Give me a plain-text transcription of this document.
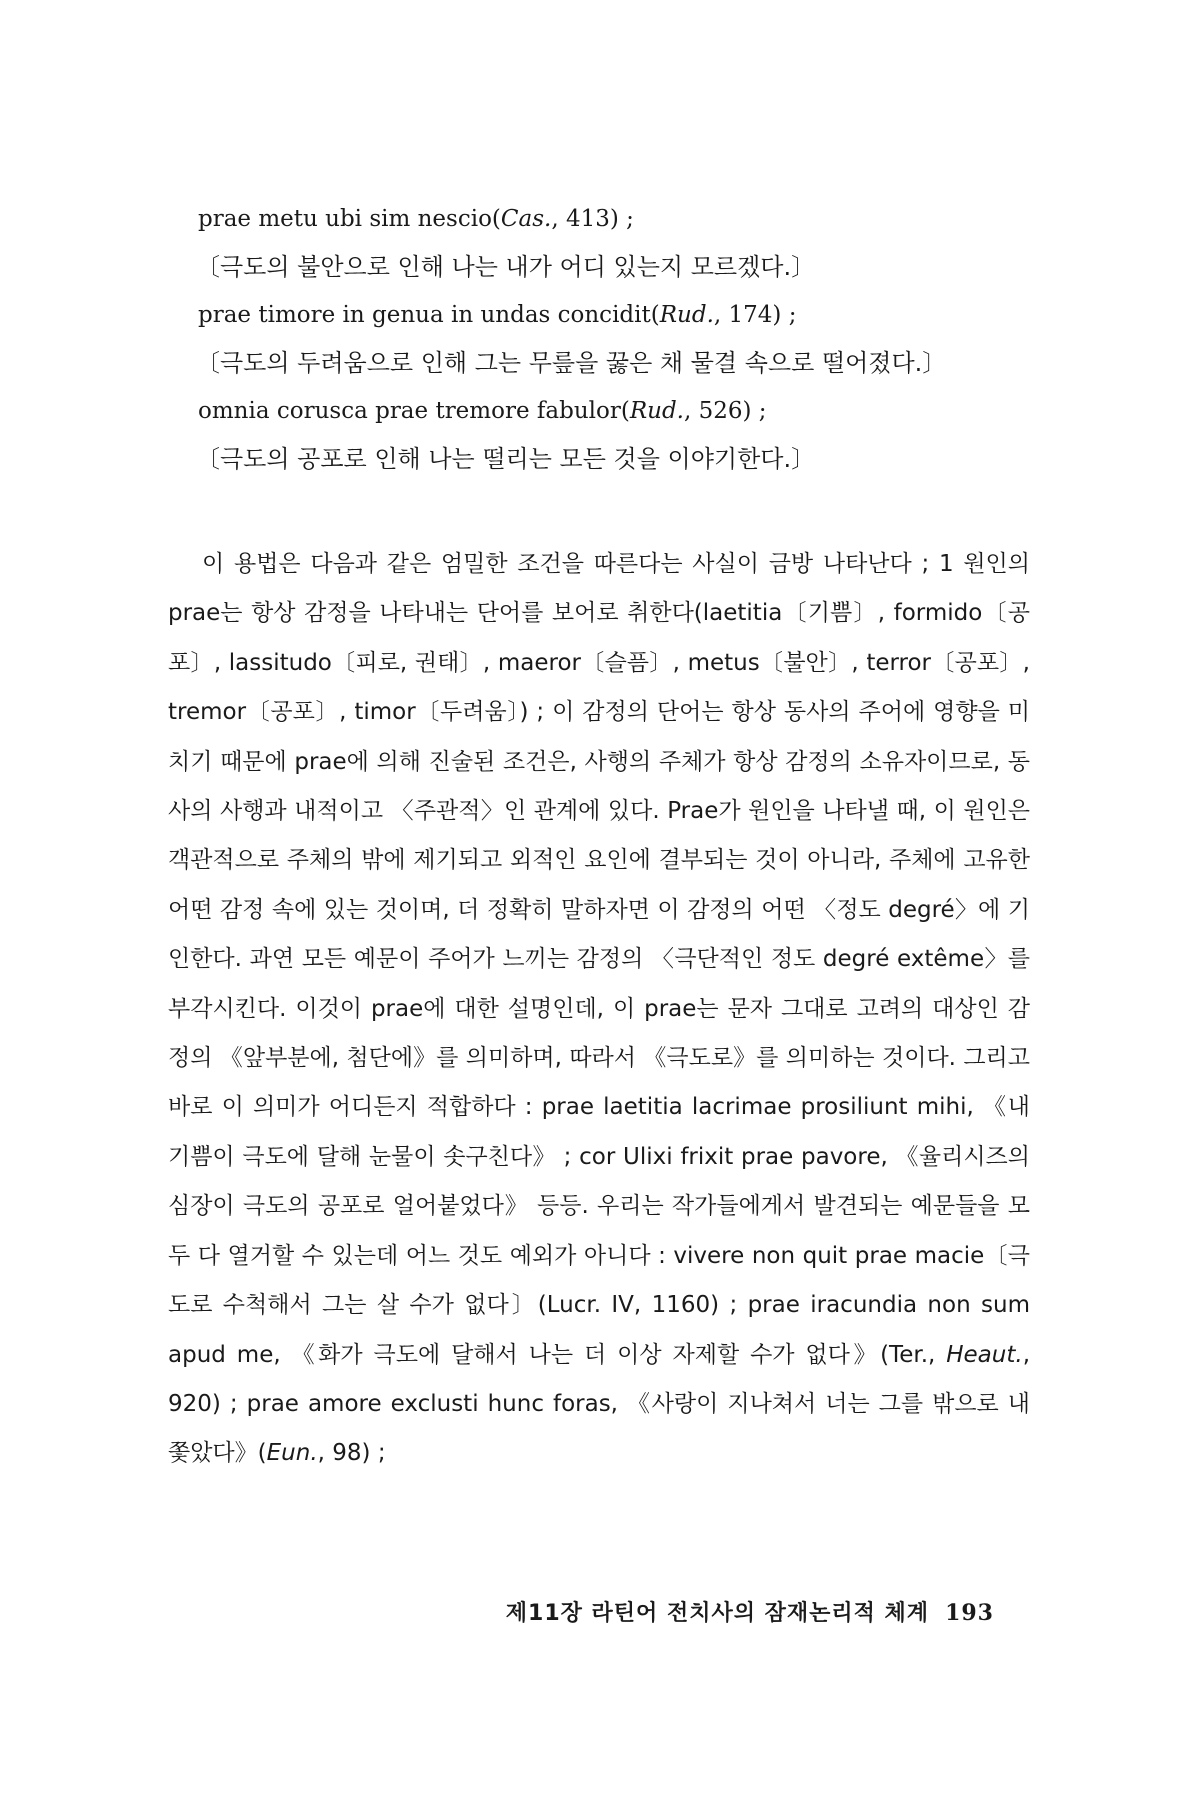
prae metu ubi sim nescio(Cas., 413) ;
〔극도의 불안으로 인해 나는 내가 어디 있는지 모르겠다.〕
prae timore in genua in undas concidit(Rud., 174) ;
〔극도의 두려움으로 인해 그는 무릎을 꿇은 채 물결 속으로 떨어졌다.〕
omnia corusca prae tremore fabulor(Rud., 526) ;
〔극도의 공포로 인해 나는 떨리는 모든 것을 이야기한다.〕

이 용법은 다음과 같은 엄밀한 조건을 따른다는 사실이 금방 나타난다 ; 1 원인의 prae는 항상 감정을 나타내는 단어를 보어로 취한다(laetitia〔기쁨〕, formido〔공포〕, lassitudo〔피로, 권태〕, maeror〔슬픔〕, metus〔불안〕, terror〔공포〕, tremor〔공포〕, timor〔두려움〕) ; 이 감정의 단어는 항상 동사의 주어에 영향을 미치기 때문에 prae에 의해 진술된 조건은, 사행의 주체가 항상 감정의 소유자이므로, 동사의 사행과 내적이고 〈주관적〉인 관계에 있다. Prae가 원인을 나타낼 때, 이 원인은 객관적으로 주체의 밖에 제기되고 외적인 요인에 결부되는 것이 아니라, 주체에 고유한 어떤 감정 속에 있는 것이며, 더 정확히 말하자면 이 감정의 어떤 〈정도 degré〉에 기인한다. 과연 모든 예문이 주어가 느끼는 감정의 〈극단적인 정도 degré extême〉를 부각시킨다. 이것이 prae에 대한 설명인데, 이 prae는 문자 그대로 고려의 대상인 감정의 《앞부분에, 첨단에》를 의미하며, 따라서 《극도로》를 의미하는 것이다. 그리고 바로 이 의미가 어디든지 적합하다 : prae laetitia lacrimae prosiliunt mihi, 《내 기쁨이 극도에 달해 눈물이 솟구친다》 ; cor Ulixi frixit prae pavore, 《율리시즈의 심장이 극도의 공포로 얼어붙었다》 등등. 우리는 작가들에게서 발견되는 예문들을 모두 다 열거할 수 있는데 어느 것도 예외가 아니다 : vivere non quit prae macie〔극도로 수척해서 그는 살 수가 없다〕(Lucr. IV, 1160) ; prae iracundia non sum apud me, 《화가 극도에 달해서 나는 더 이상 자제할 수가 없다》(Ter., Heaut., 920) ; prae amore exclusti hunc foras, 《사랑이 지나쳐서 너는 그를 밖으로 내쫓았다》(Eun., 98) ;

제11장 라틴어 전치사의 잠재논리적 체계 193
